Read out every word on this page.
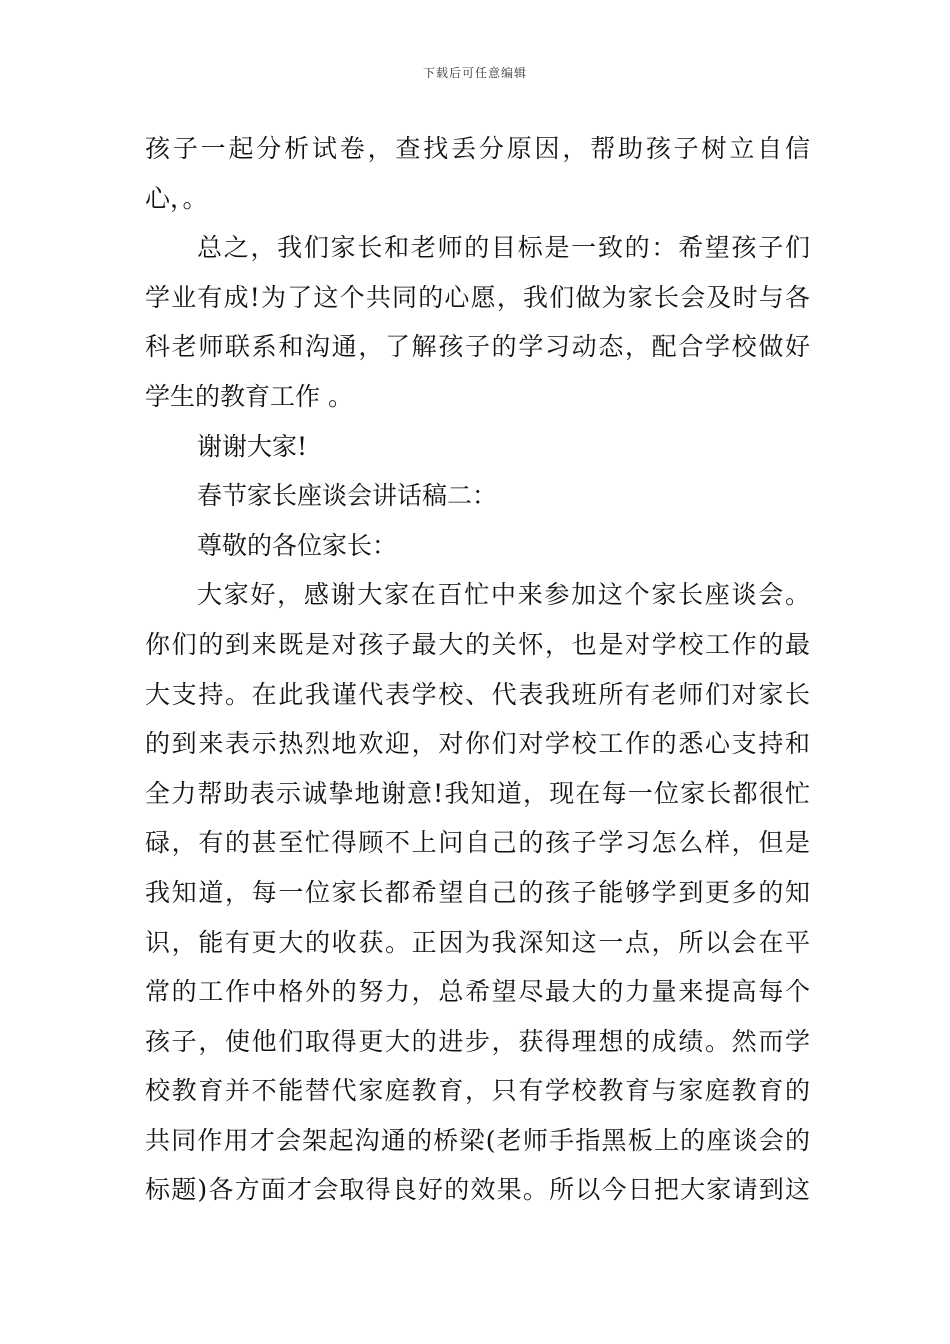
下载后可任意编辑
孩子一起分析试卷，查找丢分原因，帮助孩子树立自信
心，。
总之，我们家长和老师的目标是一致的：希望孩子们
学业有成!为了这个共同的心愿，我们做为家长会及时与各
科老师联系和沟通，了解孩子的学习动态，配合学校做好
学生的教育工作 。
谢谢大家!
春节家长座谈会讲话稿二：
尊敬的各位家长：
大家好，感谢大家在百忙中来参加这个家长座谈会。
你们的到来既是对孩子最大的关怀，也是对学校工作的最
大支持。在此我谨代表学校、代表我班所有老师们对家长
的到来表示热烈地欢迎，对你们对学校工作的悉心支持和
全力帮助表示诚挚地谢意!我知道，现在每一位家长都很忙
碌，有的甚至忙得顾不上问自己的孩子学习怎么样，但是
我知道，每一位家长都希望自己的孩子能够学到更多的知
识，能有更大的收获。正因为我深知这一点，所以会在平
常的工作中格外的努力，总希望尽最大的力量来提高每个
孩子，使他们取得更大的进步，获得理想的成绩。然而学
校教育并不能替代家庭教育，只有学校教育与家庭教育的
共同作用才会架起沟通的桥梁(老师手指黑板上的座谈会的
标题)各方面才会取得良好的效果。所以今日把大家请到这
